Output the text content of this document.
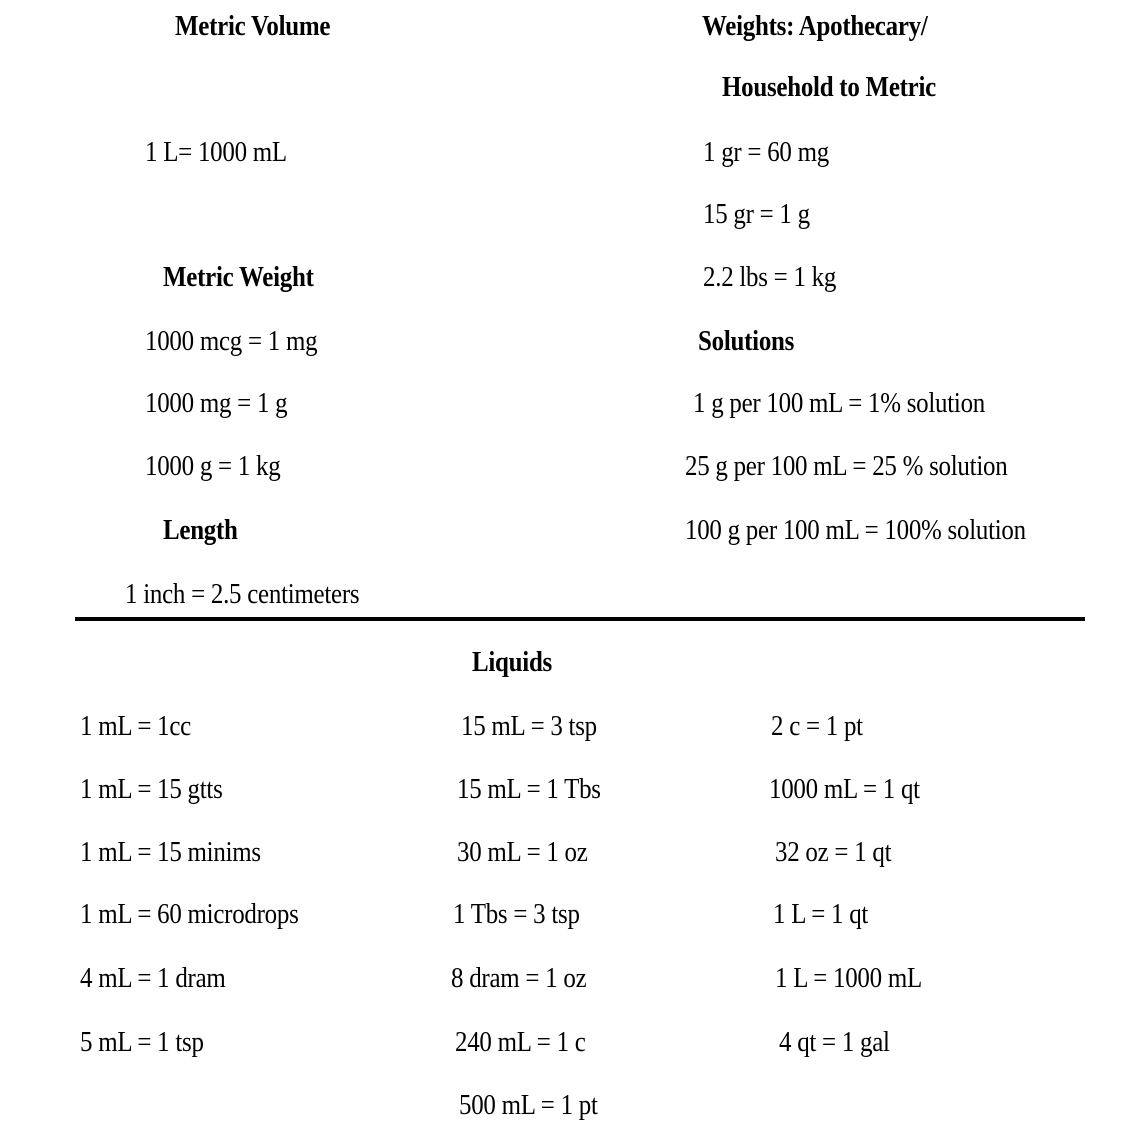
Metric Volume
1 L= 1000 mL
Metric Weight
1000 mcg = 1 mg
1000 mg = 1 g
1000 g = 1 kg
Length
1 inch = 2.5 centimeters
Weights: Apothecary/
Household to Metric
1 gr = 60 mg
15 gr = 1 g
2.2 lbs = 1 kg
Solutions
1 g per 100 mL = 1% solution
25 g per 100 mL = 25 % solution
100 g per 100 mL = 100% solution
Liquids
1 mL = 1cc
1 mL = 15 gtts
1 mL = 15 minims
1 mL = 60 microdrops
4 mL = 1 dram
5 mL = 1 tsp
15 mL = 3 tsp
15 mL = 1 Tbs
30 mL = 1 oz
1 Tbs = 3 tsp
8 dram = 1 oz
240 mL = 1 c
500 mL = 1 pt
2 c = 1 pt
1000 mL = 1 qt
32 oz = 1 qt
1 L = 1 qt
1 L = 1000 mL
4 qt = 1 gal
